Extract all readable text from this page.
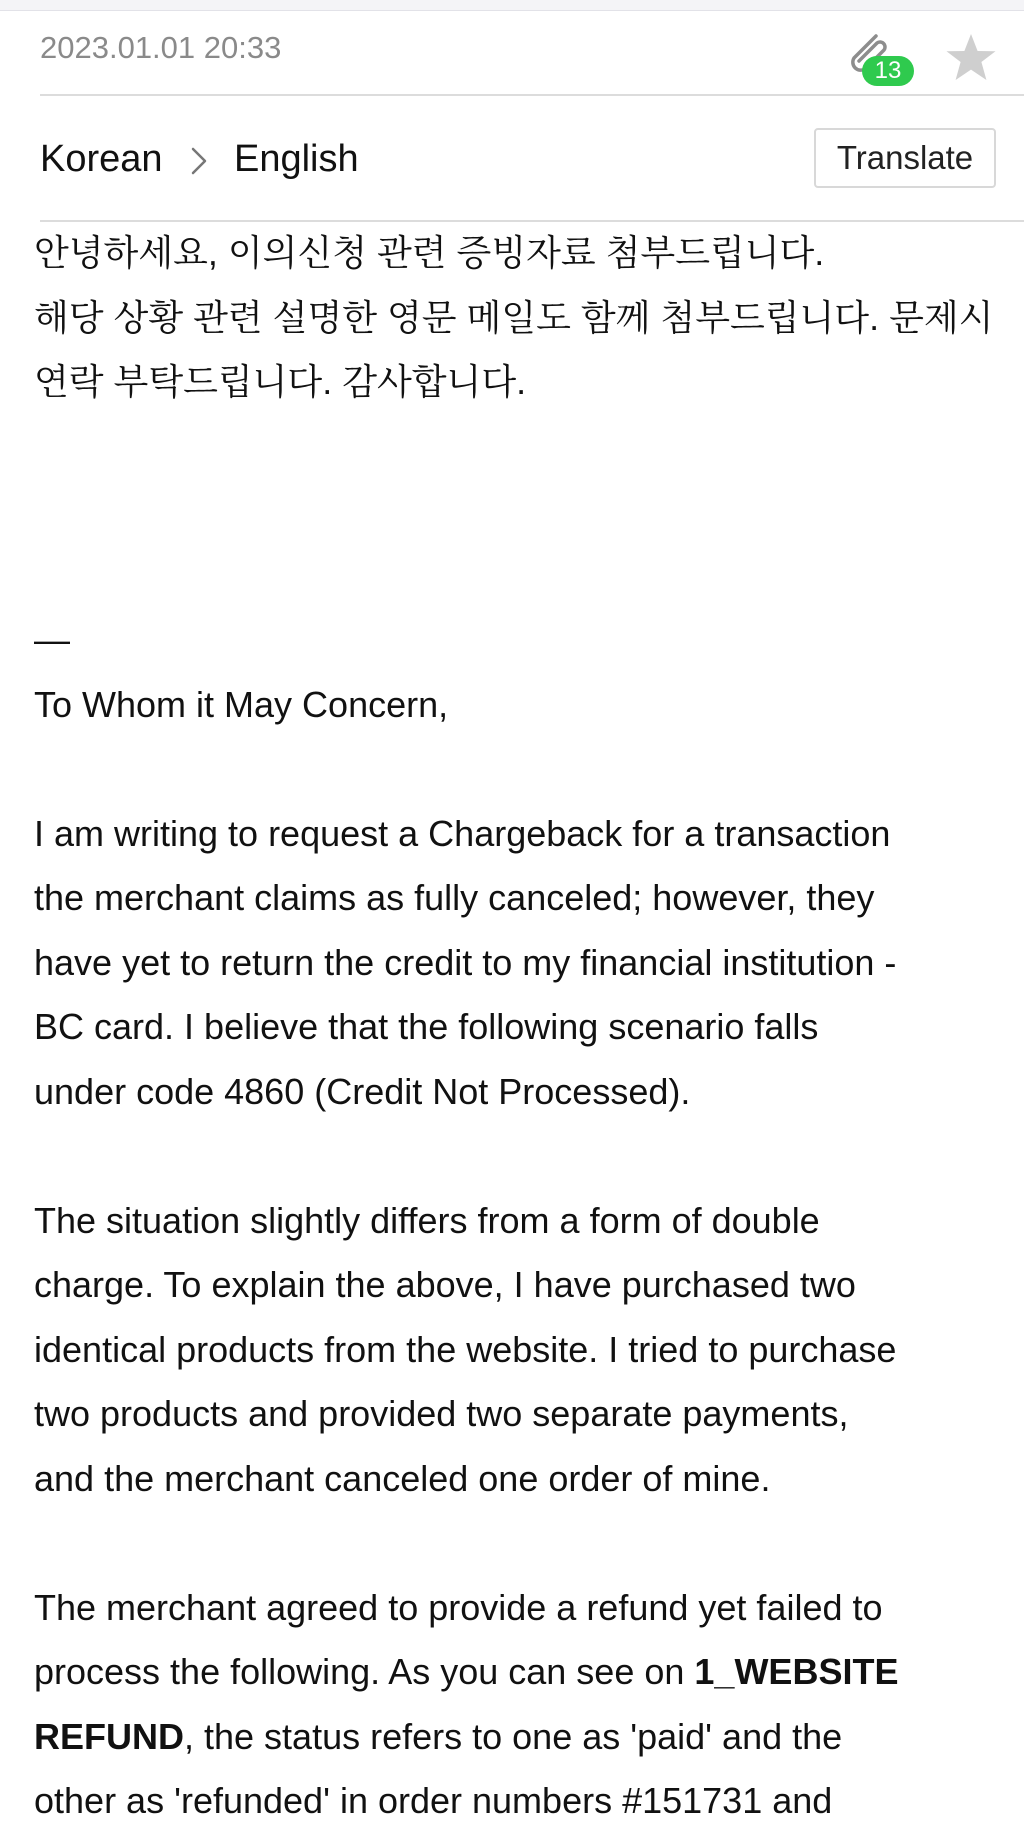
2023.01.01 20:33
13
Korean English	Translate
안녕하세요, 이의신청 관련 증빙자료 첨부드립니다.
해당 상황 관련 설명한 영문 메일도 함께 첨부드립니다. 문제시
연락 부탁드립니다. 감사합니다.
—
To Whom it May Concern,
I am writing to request a Chargeback for a transaction
the merchant claims as fully canceled; however, they
have yet to return the credit to my financial institution -
BC card. I believe that the following scenario falls
under code 4860 (Credit Not Processed).
The situation slightly differs from a form of double
charge. To explain the above, I have purchased two
identical products from the website. I tried to purchase
two products and provided two separate payments,
and the merchant canceled one order of mine.
The merchant agreed to provide a refund yet failed to
process the following. As you can see on 1_WEBSITE
REFUND, the status refers to one as 'paid' and the
other as 'refunded' in order numbers #151731 and
